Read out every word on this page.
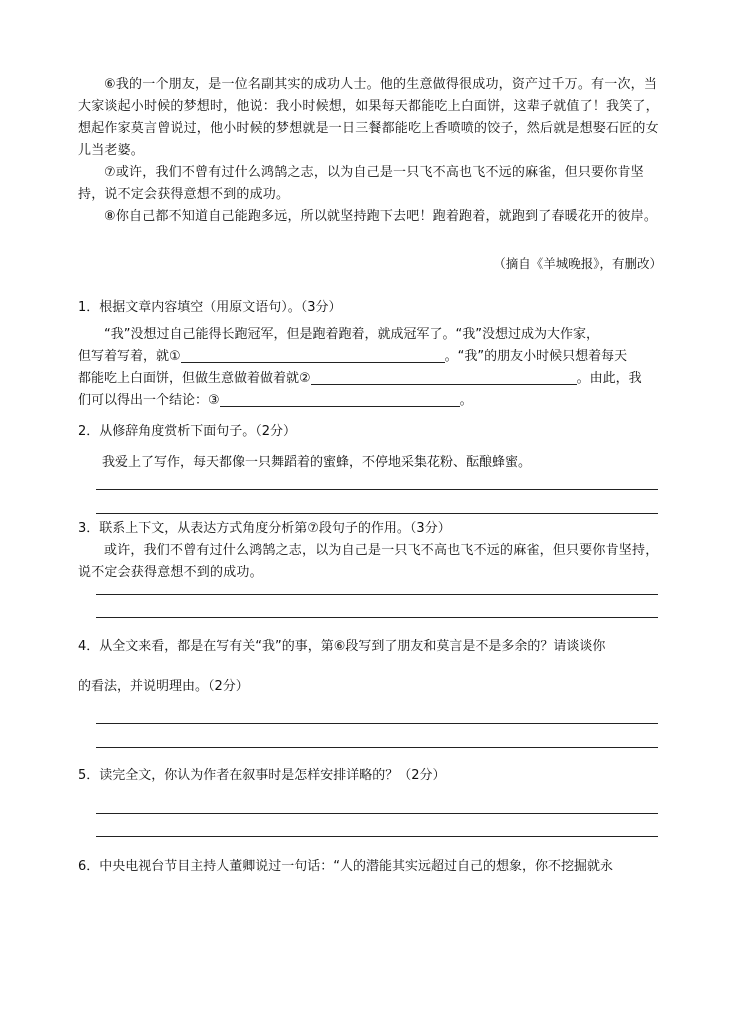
⑥我的一个朋友，是一位名副其实的成功人士。他的生意做得很成功，资产过千万。有一次，当大家谈起小时候的梦想时，他说：我小时候想，如果每天都能吃上白面饼，这辈子就值了！我笑了，想起作家莫言曾说过，他小时候的梦想就是一日三餐都能吃上香喷喷的饺子，然后就是想娶石匠的女儿当老婆。
⑦或许，我们不曾有过什么鸿鹄之志，以为自己是一只飞不高也飞不远的麻雀，但只要你肯坚持，说不定会获得意想不到的成功。
⑧你自己都不知道自己能跑多远，所以就坚持跑下去吧！跑着跑着，就跑到了春暖花开的彼岸。
（摘自《羊城晚报》，有删改）
1．根据文章内容填空（用原文语句）。（3分）
“我”没想过自己能得长跑冠军，但是跑着跑着，就成冠军了。“我”没想过成为大作家，
但写着写着，就①	。“我”的朋友小时候只想着每天
都能吃上白面饼，但做生意做着做着就②	。由此，我
们可以得出一个结论：③	。
2．从修辞角度赏析下面句子。（2分）
我爱上了写作，每天都像一只舞蹈着的蜜蜂，不停地采集花粉、酝酿蜂蜜。
3．联系上下文，从表达方式角度分析第⑦段句子的作用。（3分）
或许，我们不曾有过什么鸿鹄之志，以为自己是一只飞不高也飞不远的麻雀，但只要你肯坚持，说不定会获得意想不到的成功。
4．从全文来看，都是在写有关“我”的事，第⑥段写到了朋友和莫言是不是多余的？请谈谈你
的看法，并说明理由。（2分）
5．读完全文，你认为作者在叙事时是怎样安排详略的？（2分）
6．中央电视台节目主持人董卿说过一句话：“人的潜能其实远超过自己的想象，你不挖掘就永
